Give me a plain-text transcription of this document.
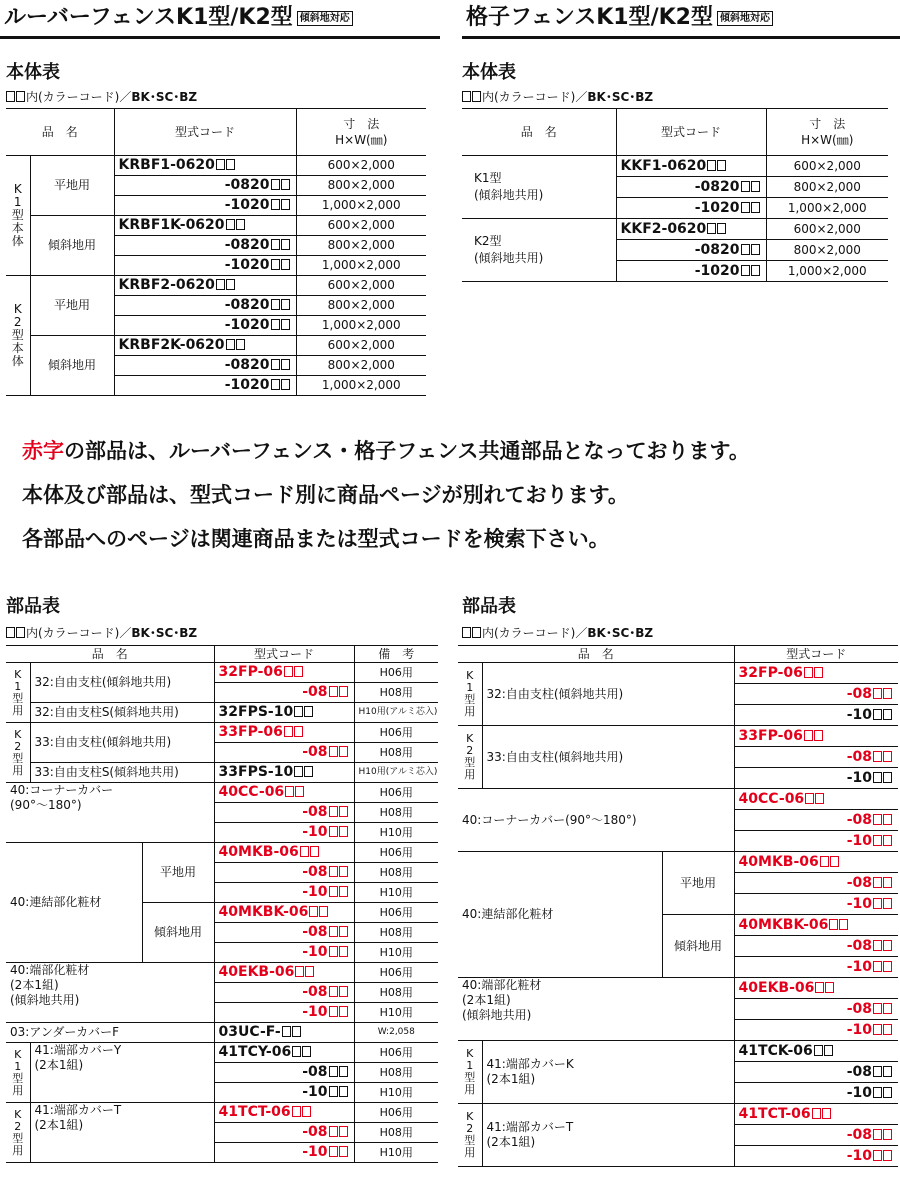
ルーバーフェンスK1型/K2型 傾斜地対応	格子フェンスK1型/K2型 傾斜地対応
本体表
内(カラーコード)／BK･SC･BZ
本体表
内(カラーコード)／BK･SC･BZ
品　名		型式コード	寸　法
H×W(㎜)
K
1
型
本
体	平地用	KRBF1-0620	600×2,000
		-0820	800×2,000
		-1020	1,000×2,000
	傾斜地用	KRBF1K-0620	600×2,000
		-0820	800×2,000
		-1020	1,000×2,000
K
2
型
本
体	平地用	KRBF2-0620	600×2,000
		-0820	800×2,000
		-1020	1,000×2,000
	傾斜地用	KRBF2K-0620	600×2,000
		-0820	800×2,000
		-1020	1,000×2,000
品　名	型式コード	寸　法
H×W(㎜)
K1型
(傾斜地共用)	KKF1-0620	600×2,000
	-0820	800×2,000
	-1020	1,000×2,000
K2型
(傾斜地共用)	KKF2-0620	600×2,000
	-0820	800×2,000
	-1020	1,000×2,000
赤字の部品は、ルーバーフェンス・格子フェンス共通部品となっております。
本体及び部品は、型式コード別に商品ページが別れております。
各部品へのページは関連商品または型式コードを検索下さい。
部品表
内(カラーコード)／BK･SC･BZ
部品表
内(カラーコード)／BK･SC･BZ
品　名			型式コード	備　考
K
1
型
用	32:自由支柱(傾斜地共用)		32FP-06	H06用
			-08	H08用
	32:自由支柱S(傾斜地共用)		32FPS-10	H10用(アルミ芯入)
K
2
型
用	33:自由支柱(傾斜地共用)		33FP-06	H06用
			-08	H08用
	33:自由支柱S(傾斜地共用)		33FPS-10	H10用(アルミ芯入)
40:コーナーカバー
(90°〜180°)			40CC-06	H06用
			-08	H08用
			-10	H10用
40:連結部化粧材		平地用	40MKB-06	H06用
			-08	H08用
			-10	H10用
		傾斜地用	40MKBK-06	H06用
			-08	H08用
			-10	H10用
40:端部化粧材
(2本1組)
(傾斜地共用)			40EKB-06	H06用
			-08	H08用
			-10	H10用
03:アンダーカバーF			03UC-F-	W:2,058
K
1
型
用	41:端部カバーY
(2本1組)		41TCY-06	H06用
			-08	H08用
			-10	H10用
K
2
型
用	41:端部カバーT
(2本1組)		41TCT-06	H06用
			-08	H08用
			-10	H10用
品　名			型式コード
K
1
型
用	32:自由支柱(傾斜地共用)		32FP-06
			-08
			-10
K
2
型
用	33:自由支柱(傾斜地共用)		33FP-06
			-08
			-10
40:コーナーカバー(90°〜180°)			40CC-06
			-08
			-10
40:連結部化粧材		平地用	40MKB-06
			-08
			-10
		傾斜地用	40MKBK-06
			-08
			-10
40:端部化粧材
(2本1組)
(傾斜地共用)			40EKB-06
			-08
			-10
K
1
型
用	41:端部カバーK
(2本1組)		41TCK-06
			-08
			-10
K
2
型
用	41:端部カバーT
(2本1組)		41TCT-06
			-08
			-10
